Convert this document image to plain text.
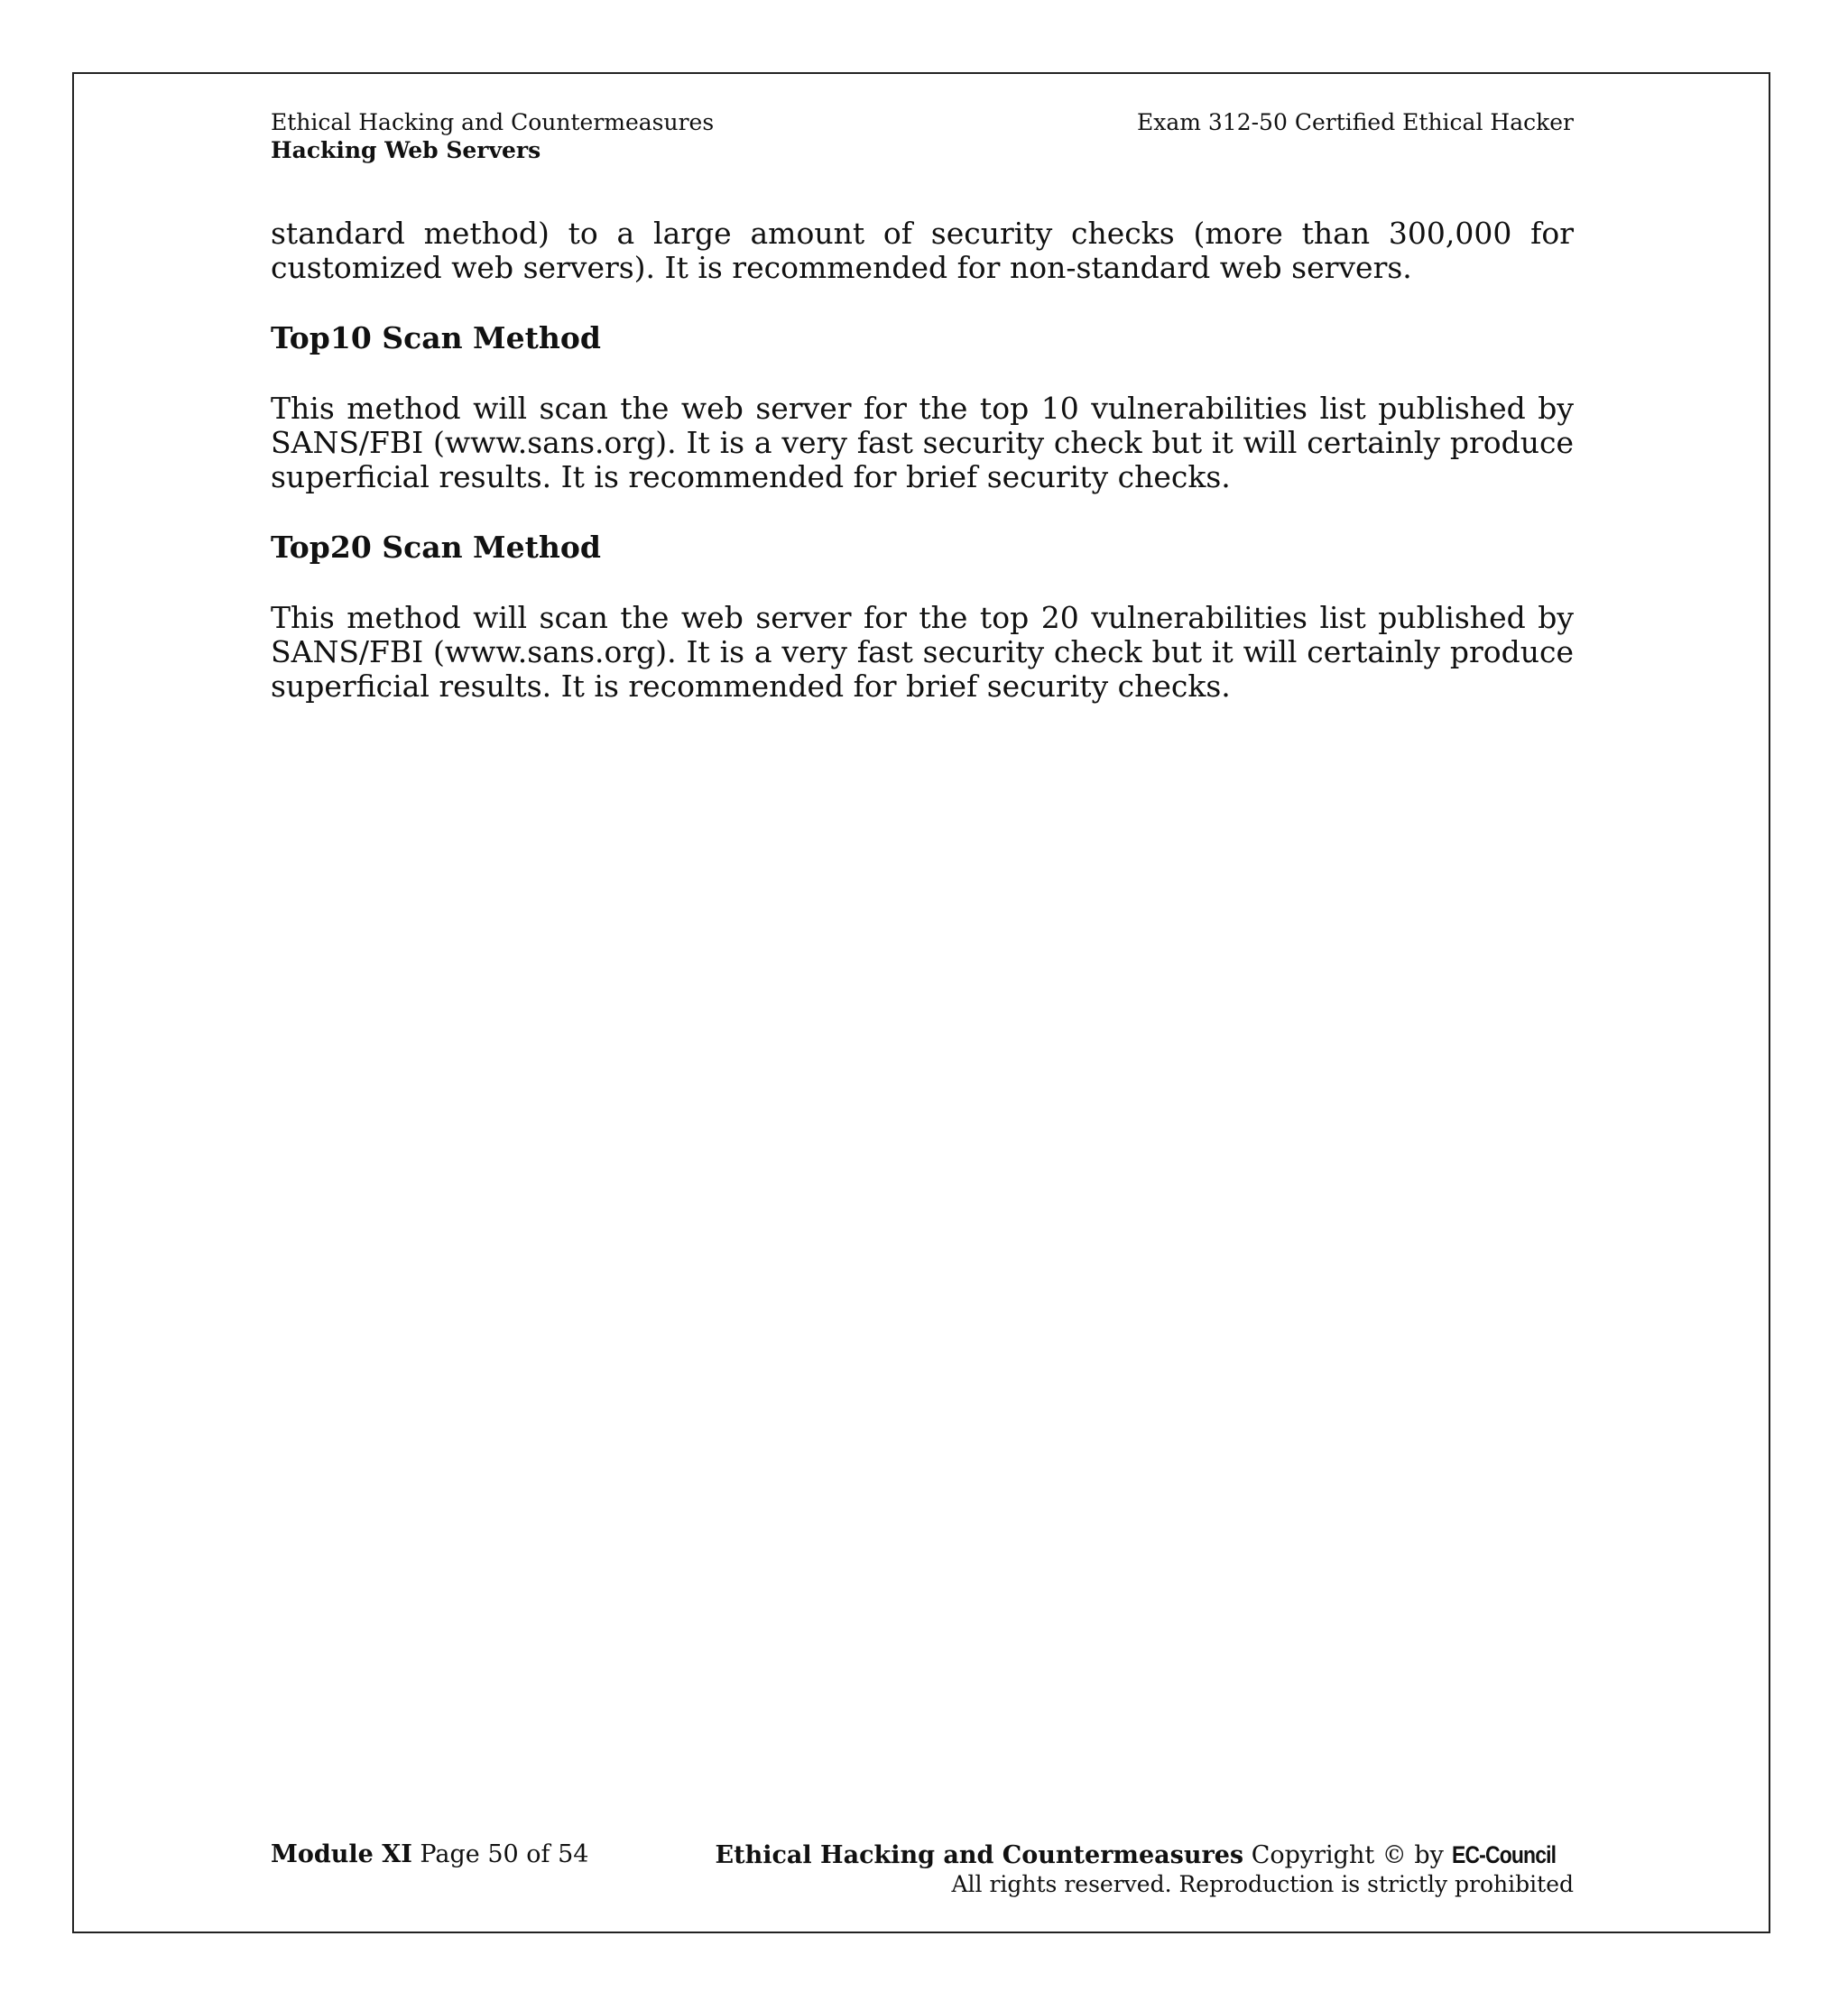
Ethical Hacking and Countermeasures
Hacking Web Servers
Exam 312-50 Certified Ethical Hacker

standard method) to a large amount of security checks (more than 300,000 for customized web servers). It is recommended for non-standard web servers.

Top10 Scan Method

This method will scan the web server for the top 10 vulnerabilities list published by SANS/FBI (www.sans.org). It is a very fast security check but it will certainly produce superficial results. It is recommended for brief security checks.

Top20 Scan Method

This method will scan the web server for the top 20 vulnerabilities list published by SANS/FBI (www.sans.org). It is a very fast security check but it will certainly produce superficial results. It is recommended for brief security checks.

Module XI Page 50 of 54	Ethical Hacking and Countermeasures Copyright © by EC-Council
All rights reserved. Reproduction is strictly prohibited
